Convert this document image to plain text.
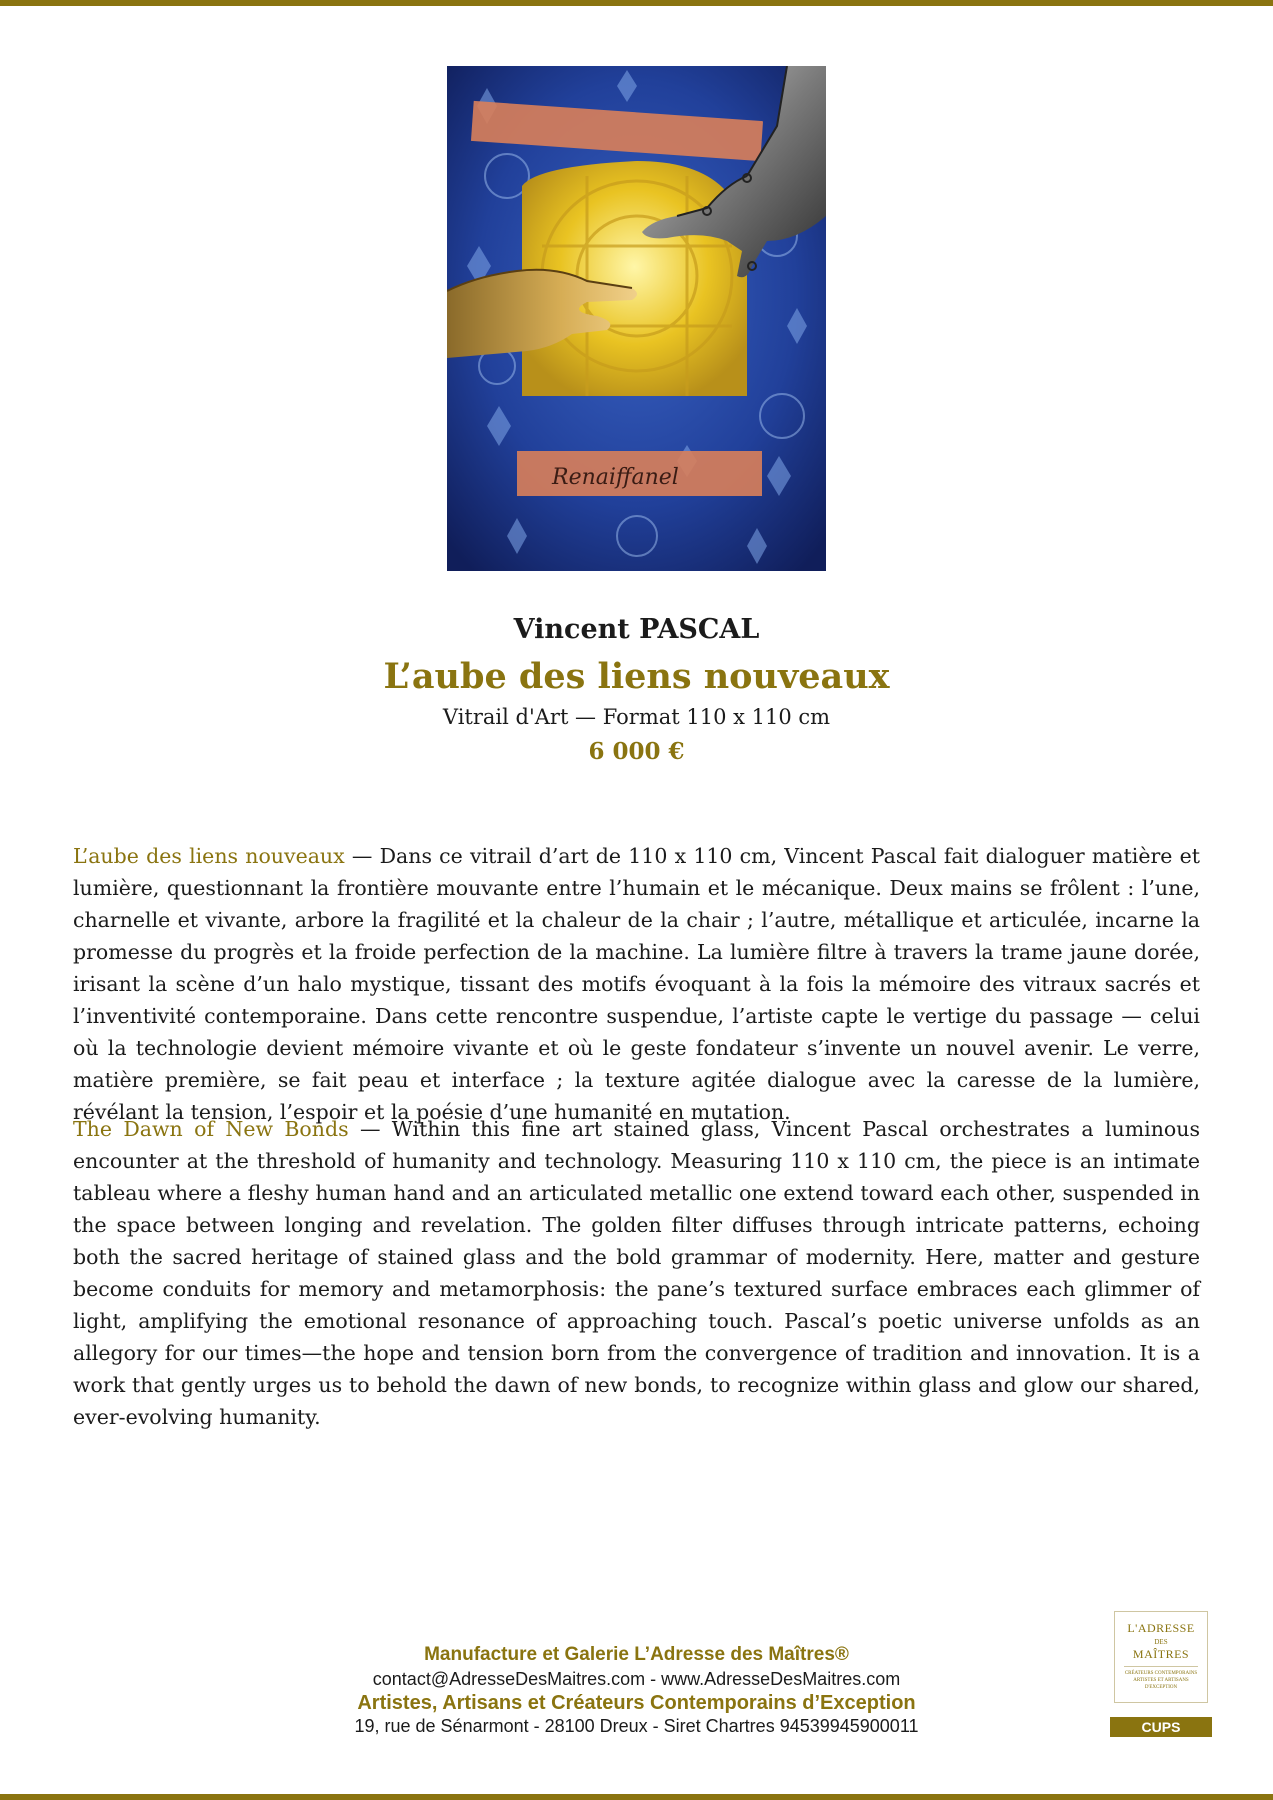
Renaiffanel
Vincent PASCAL
L’aube des liens nouveaux
Vitrail d'Art — Format 110 x 110 cm
6 000 €

L’aube des liens nouveaux — Dans ce vitrail d’art de 110 x 110 cm, Vincent Pascal fait dialoguer matière et lumière, questionnant la frontière mouvante entre l’humain et le mécanique. Deux mains se frôlent : l’une, charnelle et vivante, arbore la fragilité et la chaleur de la chair ; l’autre, métallique et articulée, incarne la promesse du progrès et la froide perfection de la machine. La lumière filtre à travers la trame jaune dorée, irisant la scène d’un halo mystique, tissant des motifs évoquant à la fois la mémoire des vitraux sacrés et l’inventivité contemporaine. Dans cette rencontre suspendue, l’artiste capte le vertige du passage — celui où la technologie devient mémoire vivante et où le geste fondateur s’invente un nouvel avenir. Le verre, matière première, se fait peau et interface ; la texture agitée dialogue avec la caresse de la lumière, révélant la tension, l’espoir et la poésie d’une humanité en mutation.

The Dawn of New Bonds — Within this fine art stained glass, Vincent Pascal orchestrates a luminous encounter at the threshold of humanity and technology. Measuring 110 x 110 cm, the piece is an intimate tableau where a fleshy human hand and an articulated metallic one extend toward each other, suspended in the space between longing and revelation. The golden filter diffuses through intricate patterns, echoing both the sacred heritage of stained glass and the bold grammar of modernity. Here, matter and gesture become conduits for memory and metamorphosis: the pane’s textured surface embraces each glimmer of light, amplifying the emotional resonance of approaching touch. Pascal’s poetic universe unfolds as an allegory for our times—the hope and tension born from the convergence of tradition and innovation. It is a work that gently urges us to behold the dawn of new bonds, to recognize within glass and glow our shared, ever-evolving humanity.

Manufacture et Galerie L’Adresse des Maîtres®
contact@AdresseDesMaitres.com - www.AdresseDesMaitres.com
Artistes, Artisans et Créateurs Contemporains d’Exception
19, rue de Sénarmont - 28100 Dreux - Siret Chartres 94539945900011
L'ADRESSE
DES
MAÎTRES
CRÉATEURS CONTEMPORAINS ARTISTES ET ARTISANS D'EXCEPTION
CUPS
